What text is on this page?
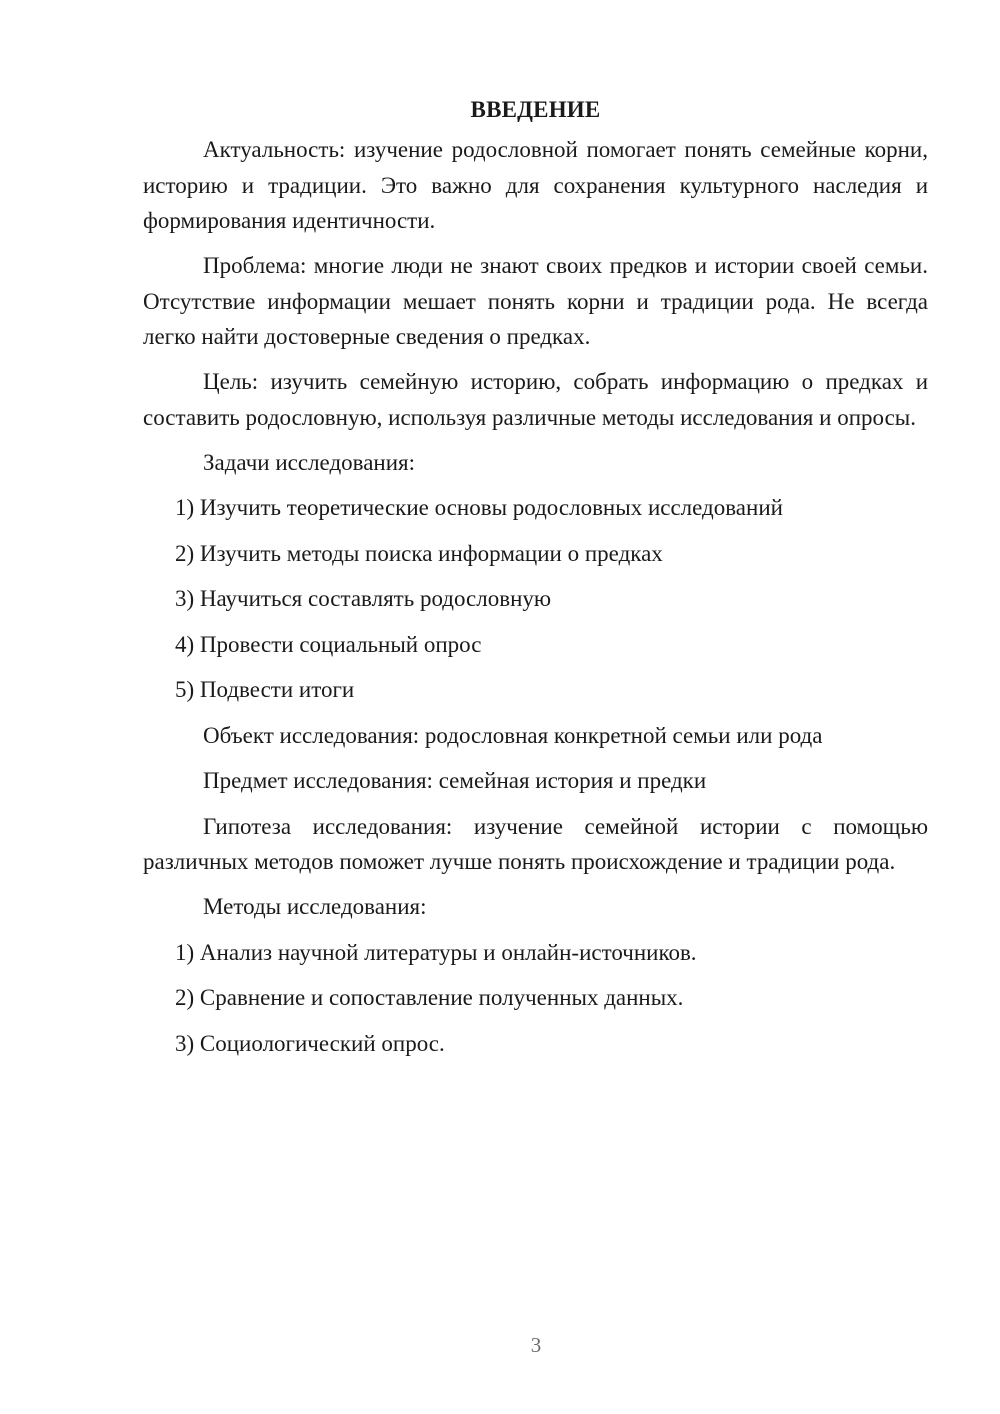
ВВЕДЕНИЕ

Актуальность: изучение родословной помогает понять семейные корни, историю и традиции. Это важно для сохранения культурного наследия и формирования идентичности.

Проблема: многие люди не знают своих предков и истории своей семьи. Отсутствие информации мешает понять корни и традиции рода. Не всегда легко найти достоверные сведения о предках.

Цель: изучить семейную историю, собрать информацию о предках и составить родословную, используя различные методы исследования и опросы.

Задачи исследования:
1) Изучить теоретические основы родословных исследований
2) Изучить методы поиска информации о предках
3) Научиться составлять родословную
4) Провести социальный опрос
5) Подвести итоги
Объект исследования: родословная конкретной семьи или рода
Предмет исследования: семейная история и предки

Гипотеза исследования: изучение семейной истории с помощью различных методов поможет лучше понять происхождение и традиции рода.

Методы исследования:
1) Анализ научной литературы и онлайн-источников.
2) Сравнение и сопоставление полученных данных.
3) Социологический опрос.
3
